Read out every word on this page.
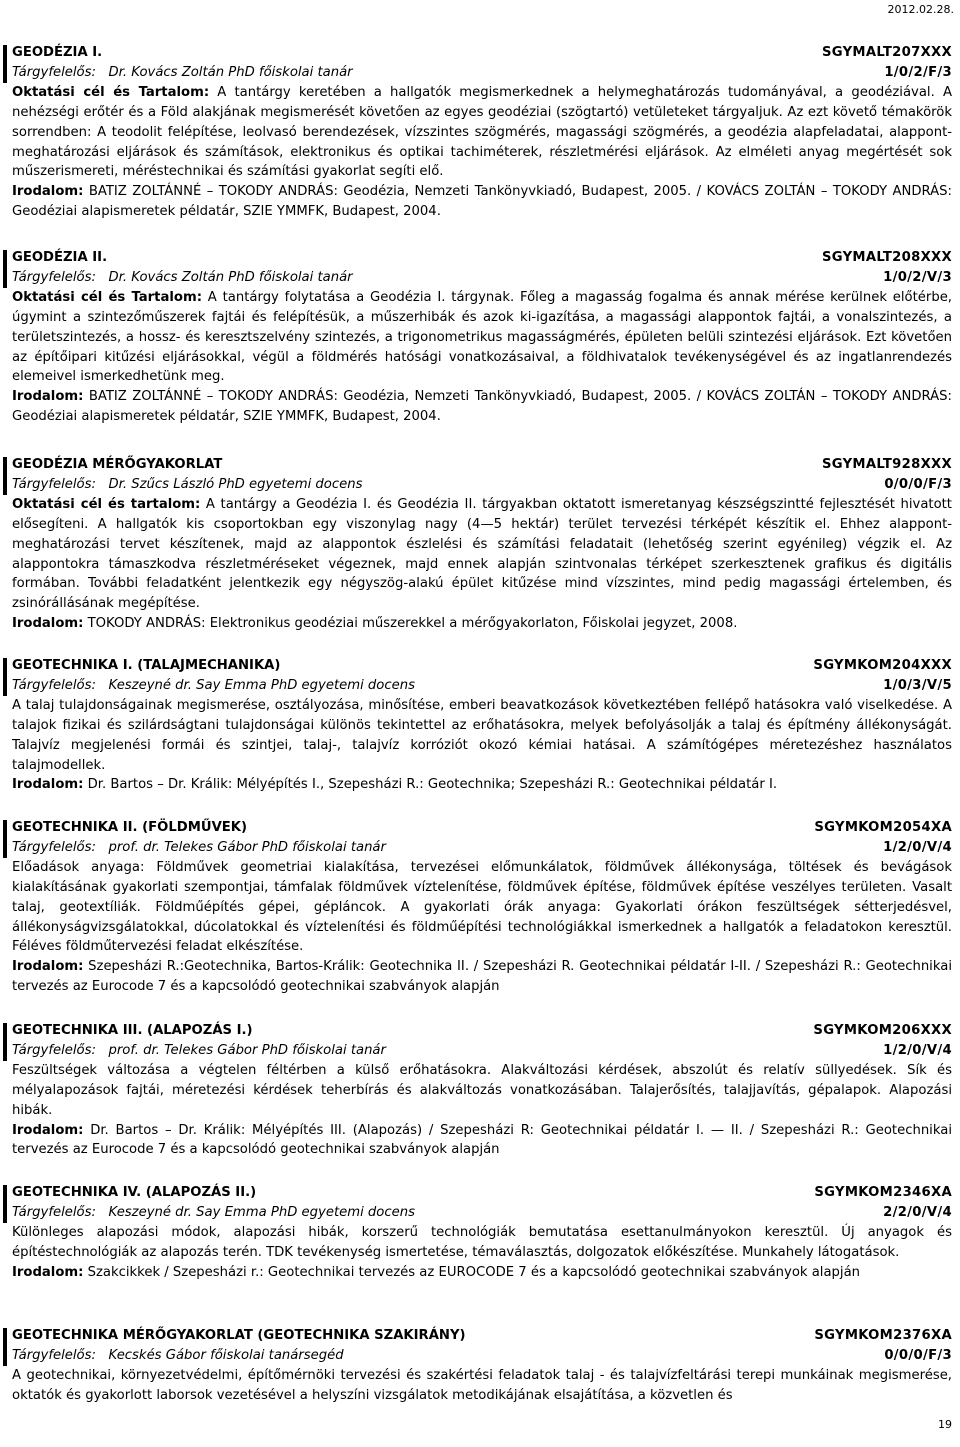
2012.02.28.
GEODÉZIA I.	SGYMALT207XXX
Tárgyfelelős: Dr. Kovács Zoltán PhD főiskolai tanár	1/0/2/F/3
Oktatási cél és Tartalom: A tantárgy keretében a hallgatók megismerkednek a helymeghatározás tudományával, a geodéziával. A nehézségi erőtér és a Föld alakjának megismerését követően az egyes geodéziai (szögtartó) vetületeket tárgyaljuk. Az ezt követő témakörök sorrendben: A teodolit felépítése, leolvasó berendezések, vízszintes szögmérés, magassági szögmérés, a geodézia alapfeladatai, alappont-meghatározási eljárások és számítások, elektronikus és optikai tachiméterek, részletmérési eljárások. Az elméleti anyag megértését sok műszerismereti, méréstechnikai és számítási gyakorlat segíti elő.
Irodalom: BATIZ ZOLTÁNNÉ – TOKODY ANDRÁS: Geodézia, Nemzeti Tankönyvkiadó, Budapest, 2005. / KOVÁCS ZOLTÁN – TOKODY ANDRÁS: Geodéziai alapismeretek példatár, SZIE YMMFK, Budapest, 2004.
GEODÉZIA II.	SGYMALT208XXX
Tárgyfelelős: Dr. Kovács Zoltán PhD főiskolai tanár	1/0/2/V/3
Oktatási cél és Tartalom: A tantárgy folytatása a Geodézia I. tárgynak. Főleg a magasság fogalma és annak mérése kerülnek előtérbe, úgymint a szintezőműszerek fajtái és felépítésük, a műszerhibák és azok ki-igazítása, a magassági alappontok fajtái, a vonalszintezés, a területszintezés, a hossz- és keresztszelvény szintezés, a trigonometrikus magasságmérés, épületen belüli szintezési eljárások. Ezt követően az építőipari kitűzési eljárásokkal, végül a földmérés hatósági vonatkozásaival, a földhivatalok tevékenységével és az ingatlanrendezés elemeivel ismerkedhetünk meg.
Irodalom: BATIZ ZOLTÁNNÉ – TOKODY ANDRÁS: Geodézia, Nemzeti Tankönyvkiadó, Budapest, 2005. / KOVÁCS ZOLTÁN – TOKODY ANDRÁS: Geodéziai alapismeretek példatár, SZIE YMMFK, Budapest, 2004.
GEODÉZIA MÉRŐGYAKORLAT	SGYMALT928XXX
Tárgyfelelős: Dr. Szűcs László PhD egyetemi docens	0/0/0/F/3
Oktatási cél és tartalom: A tantárgy a Geodézia I. és Geodézia II. tárgyakban oktatott ismeretanyag készségszintté fejlesztését hivatott elősegíteni. A hallgatók kis csoportokban egy viszonylag nagy (4—5 hektár) terület tervezési térképét készítik el. Ehhez alappont-meghatározási tervet készítenek, majd az alappontok észlelési és számítási feladatait (lehetőség szerint egyénileg) végzik el. Az alappontokra támaszkodva részletméréseket végeznek, majd ennek alapján szintvonalas térképet szerkesztenek grafikus és digitális formában. További feladatként jelentkezik egy négyszög-alakú épület kitűzése mind vízszintes, mind pedig magassági értelemben, és zsinórállásának megépítése.
Irodalom: TOKODY ANDRÁS: Elektronikus geodéziai műszerekkel a mérőgyakorlaton, Főiskolai jegyzet, 2008.
GEOTECHNIKA I. (TALAJMECHANIKA)	SGYMKOM204XXX
Tárgyfelelős: Keszeyné dr. Say Emma PhD egyetemi docens	1/0/3/V/5
A talaj tulajdonságainak megismerése, osztályozása, minősítése, emberi beavatkozások következtében fellépő hatásokra való viselkedése. A talajok fizikai és szilárdságtani tulajdonságai különös tekintettel az erőhatásokra, melyek befolyásolják a talaj és építmény állékonyságát. Talajvíz megjelenési formái és szintjei, talaj-, talajvíz korróziót okozó kémiai hatásai. A számítógépes méretezéshez használatos talajmodellek.
Irodalom: Dr. Bartos – Dr. Králik: Mélyépítés I., Szepesházi R.: Geotechnika; Szepesházi R.: Geotechnikai példatár I.
GEOTECHNIKA II. (FÖLDMŰVEK)	SGYMKOM2054XA
Tárgyfelelős: prof. dr. Telekes Gábor PhD főiskolai tanár	1/2/0/V/4
Előadások anyaga: Földművek geometriai kialakítása, tervezései előmunkálatok, földművek állékonysága, töltések és bevágások kialakításának gyakorlati szempontjai, támfalak földművek víztelenítése, földművek építése, földművek építése veszélyes területen. Vasalt talaj, geotextíliák. Földműépítés gépei, gépláncok. A gyakorlati órák anyaga: Gyakorlati órákon feszültségek sétterjedésvel, állékonyságvizsgálatokkal, dúcolatokkal és víztelenítési és földműépítési technológiákkal ismerkednek a hallgatók a feladatokon keresztül. Féléves földműtervezési feladat elkészítése.
Irodalom: Szepesházi R.:Geotechnika, Bartos-Králik: Geotechnika II. / Szepesházi R. Geotechnikai példatár I-II. / Szepesházi R.: Geotechnikai tervezés az Eurocode 7 és a kapcsolódó geotechnikai szabványok alapján
GEOTECHNIKA III. (ALAPOZÁS I.)	SGYMKOM206XXX
Tárgyfelelős: prof. dr. Telekes Gábor PhD főiskolai tanár	1/2/0/V/4
Feszültségek változása a végtelen féltérben a külső erőhatásokra. Alakváltozási kérdések, abszolút és relatív süllyedések. Sík és mélyalapozások fajtái, méretezési kérdések teherbírás és alakváltozás vonatkozásában. Talajerősítés, talajjavítás, gépalapok. Alapozási hibák.
Irodalom: Dr. Bartos – Dr. Králik: Mélyépítés III. (Alapozás) / Szepesházi R: Geotechnikai példatár I. — II. / Szepesházi R.: Geotechnikai tervezés az Eurocode 7 és a kapcsolódó geotechnikai szabványok alapján
GEOTECHNIKA IV. (ALAPOZÁS II.)	SGYMKOM2346XA
Tárgyfelelős: Keszeyné dr. Say Emma PhD egyetemi docens	2/2/0/V/4
Különleges alapozási módok, alapozási hibák, korszerű technológiák bemutatása esettanulmányokon keresztül. Új anyagok és építéstechnológiák az alapozás terén. TDK tevékenység ismertetése, témaválasztás, dolgozatok előkészítése. Munkahely látogatások.
Irodalom: Szakcikkek / Szepesházi r.: Geotechnikai tervezés az EUROCODE 7 és a kapcsolódó geotechnikai szabványok alapján
GEOTECHNIKA MÉRŐGYAKORLAT (GEOTECHNIKA SZAKIRÁNY)	SGYMKOM2376XA
Tárgyfelelős: Kecskés Gábor főiskolai tanársegéd	0/0/0/F/3
A geotechnikai, környezetvédelmi, építőmérnöki tervezési és szakértési feladatok talaj - és talajvízfeltárási terepi munkáinak megismerése, oktatók és gyakorlott laborsok vezetésével a helyszíni vizsgálatok metodikájának elsajátítása, a közvetlen és
19
